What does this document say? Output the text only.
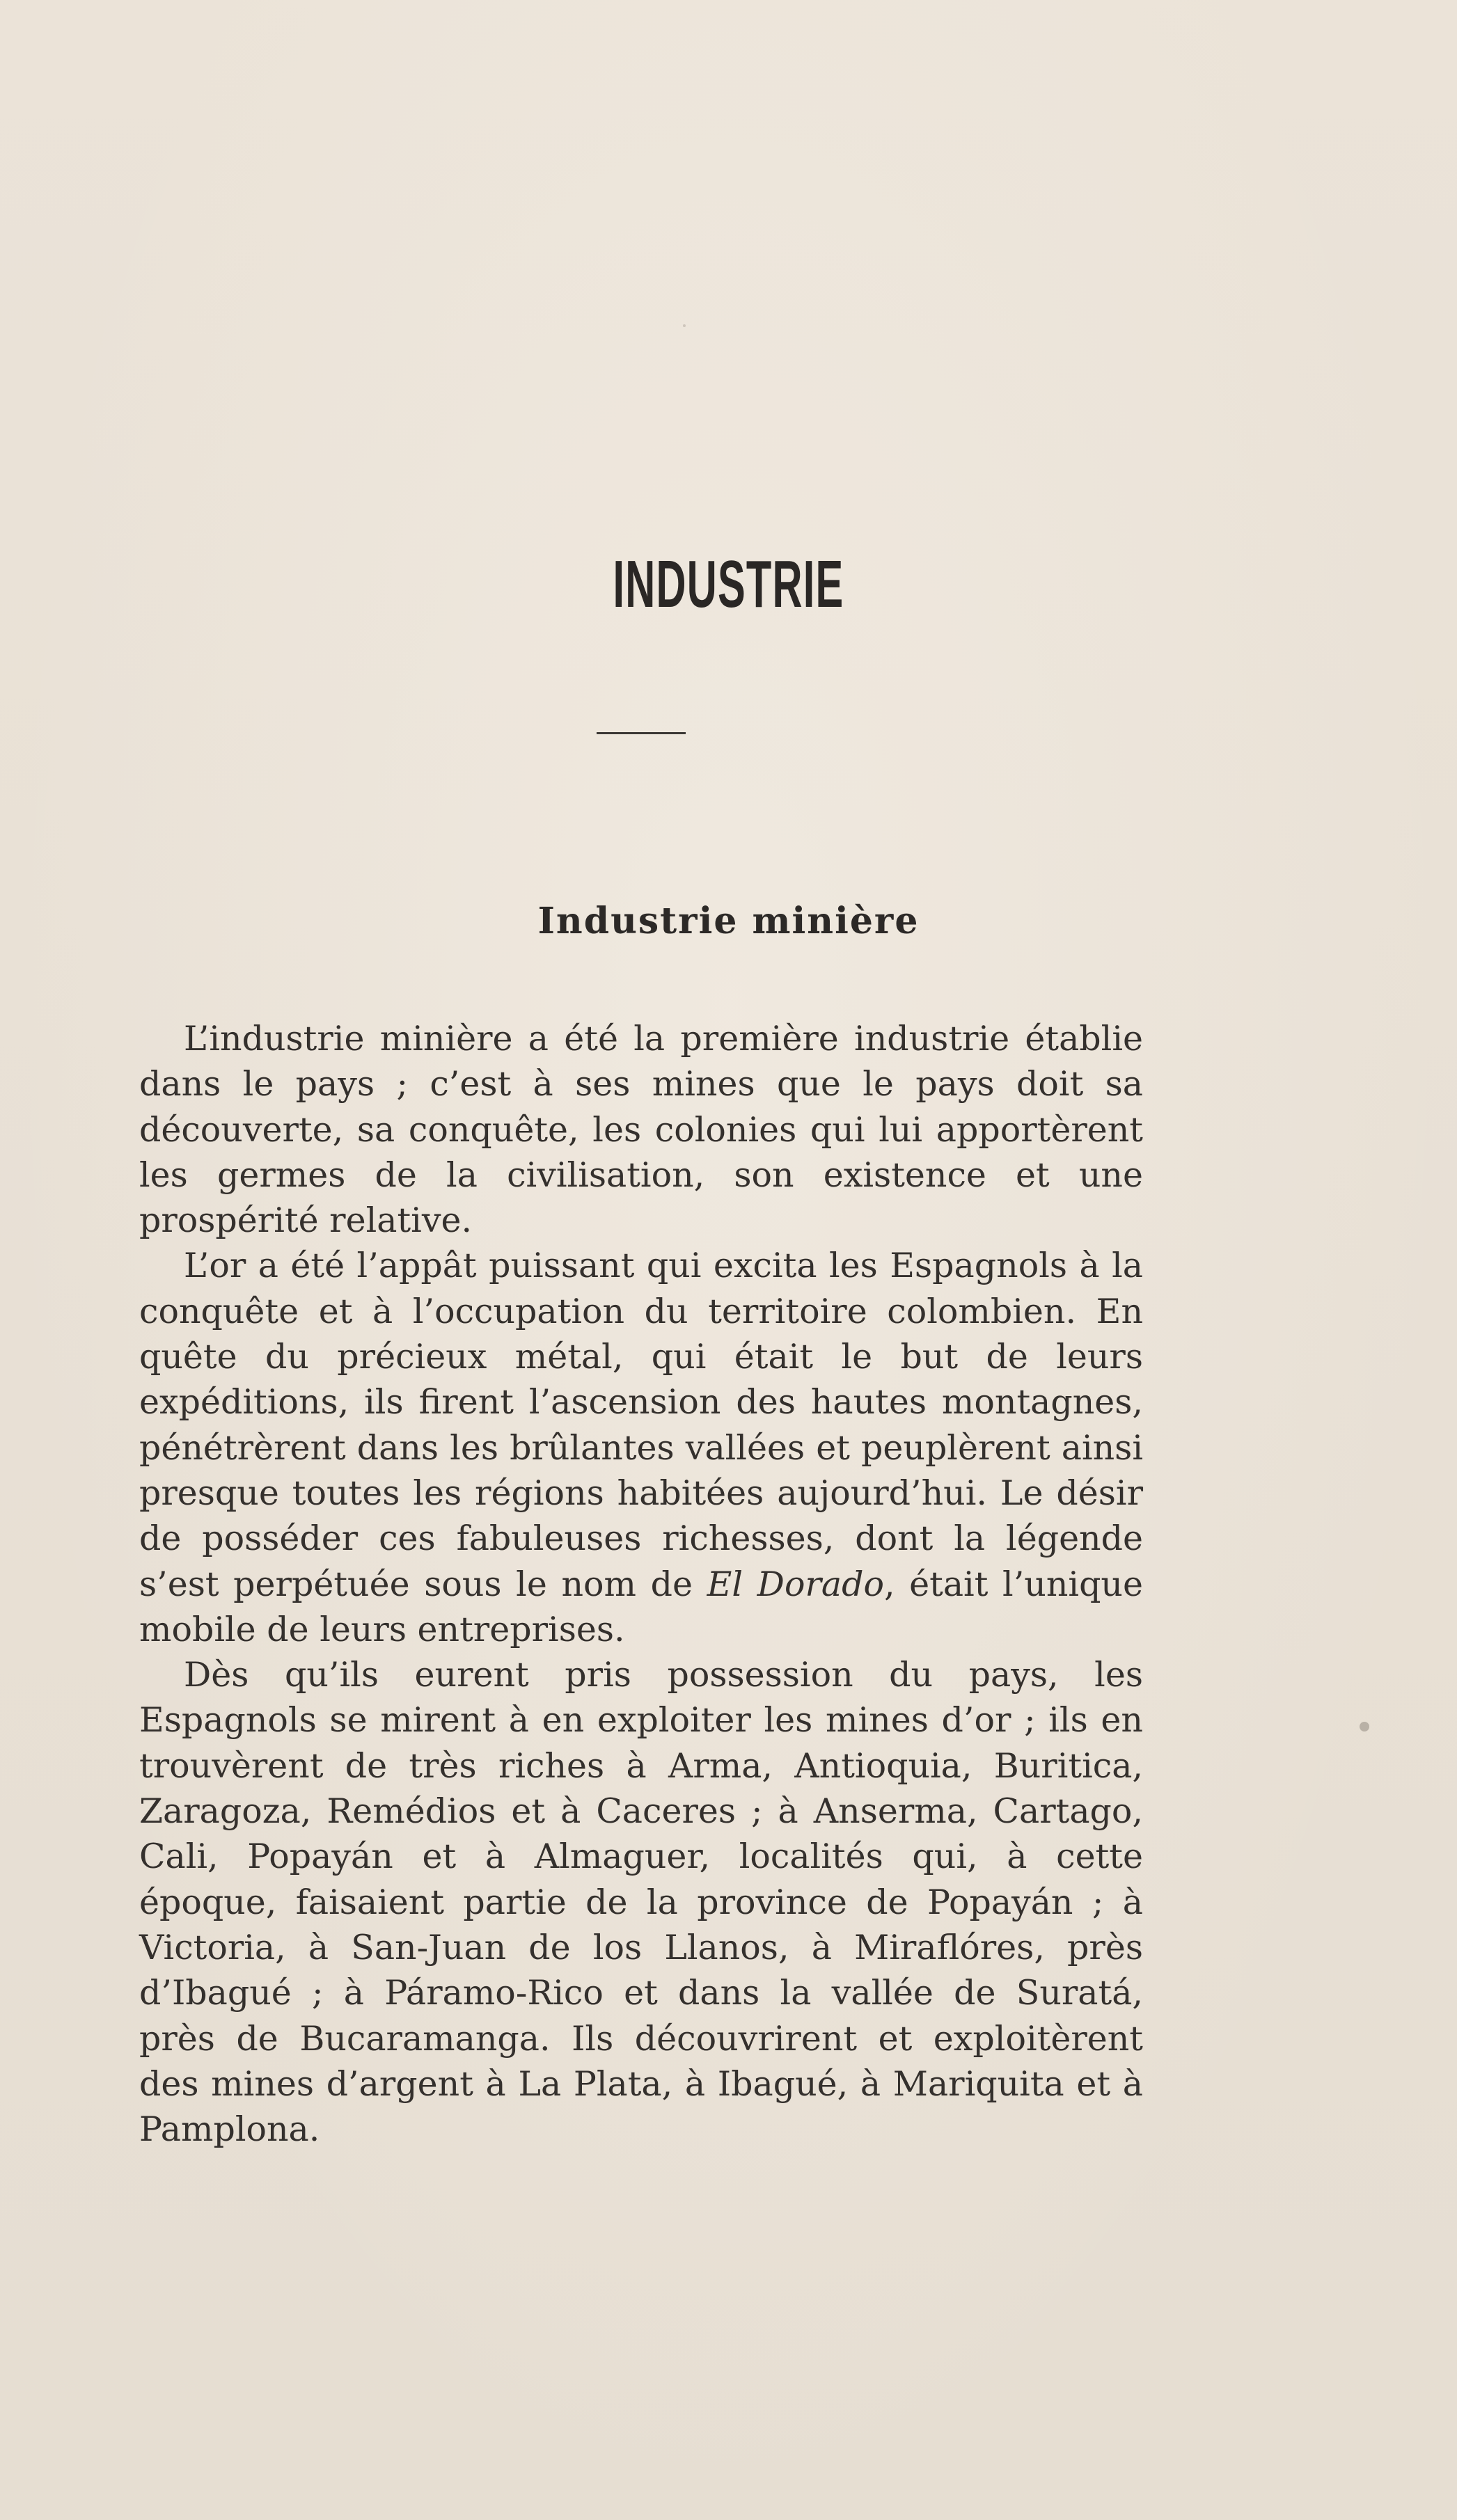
INDUSTRIE
Industrie minière

L’industrie minière a été la première industrie établie dans le pays ; c’est à ses mines que le pays doit sa découverte, sa conquête, les colonies qui lui apportèrent les germes de la civilisation, son existence et une prospérité relative.

L’or a été l’appât puissant qui excita les Espagnols à la conquête et à l’occupation du territoire colombien. En quête du précieux métal, qui était le but de leurs expéditions, ils firent l’ascension des hautes montagnes, pénétrèrent dans les brûlantes vallées et peuplèrent ainsi presque toutes les régions habitées aujourd’hui. Le désir de posséder ces fabuleuses richesses, dont la légende s’est perpétuée sous le nom de El Dorado, était l’unique mobile de leurs entreprises.

Dès qu’ils eurent pris possession du pays, les Espagnols se mirent à en exploiter les mines d’or ; ils en trouvèrent de très riches à Arma, Antioquia, Buritica, Zaragoza, Remédios et à Caceres ; à Anserma, Cartago, Cali, Popayán et à Almaguer, localités qui, à cette époque, faisaient partie de la province de Popayán ; à Victoria, à San-Juan de los Llanos, à Miraflóres, près d’Ibagué ; à Páramo-Rico et dans la vallée de Suratá, près de Bucaramanga. Ils découvrirent et exploitèrent des mines d’argent à La Plata, à Ibagué, à Mariquita et à Pamplona.
